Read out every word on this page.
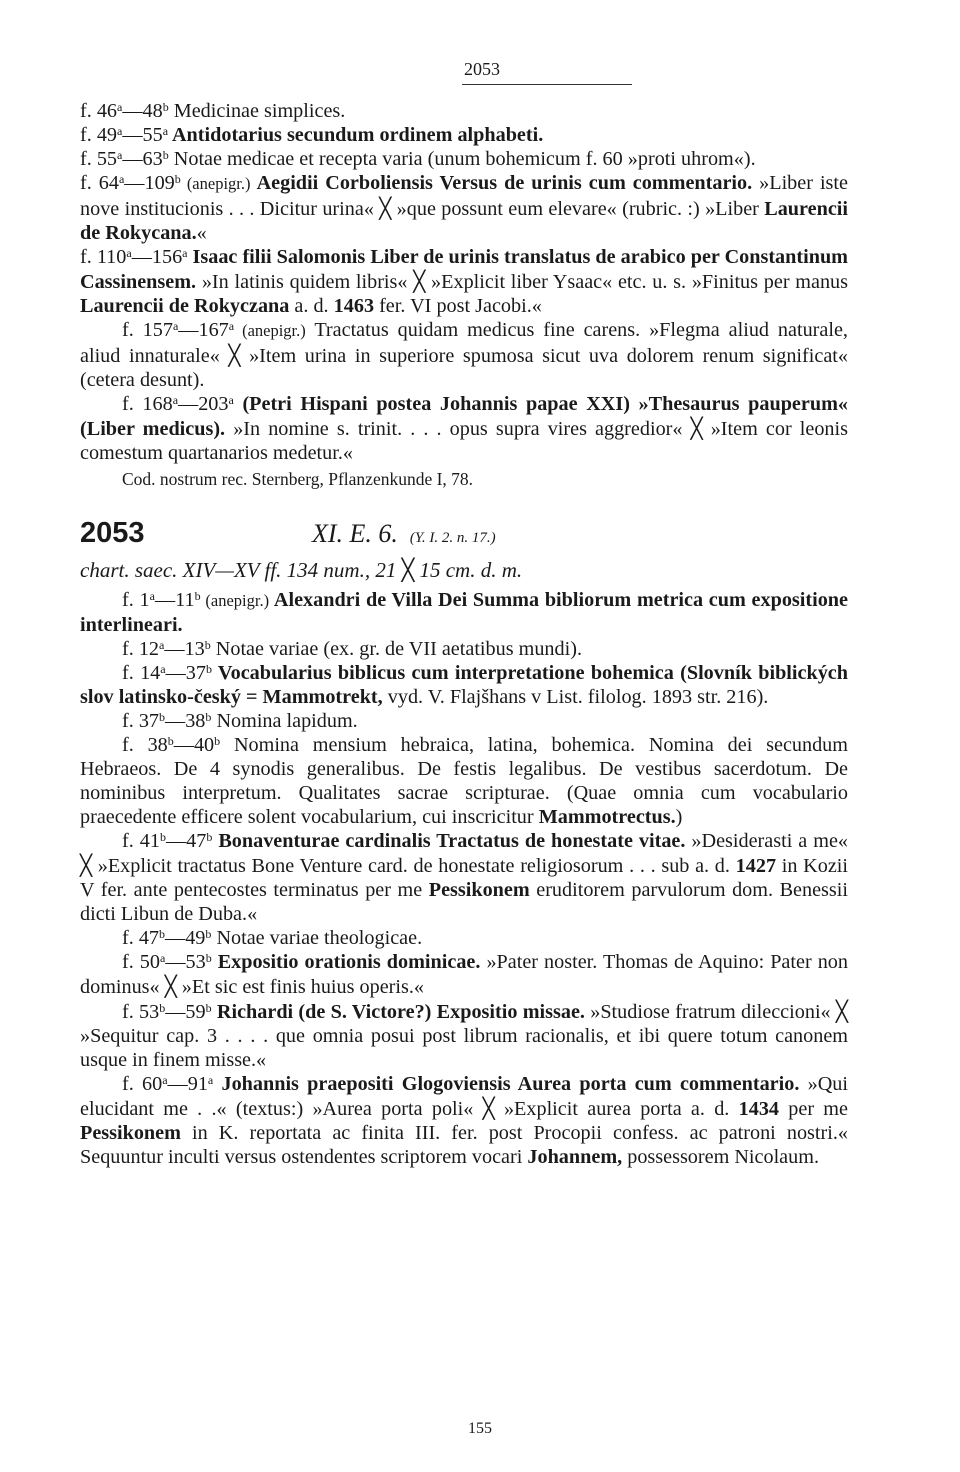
2053

f. 46$^a$—48$^b$ Medicinae simplices.

f. 49$^a$—55$^a$ Antidotarius secundum ordinem alphabeti.

f. 55$^a$—63$^b$ Notae medicae et recepta varia (unum bohemicum f. 60 »proti uhrom«).

f. 64$^a$—109$^b$ (anepigr.) Aegidii Corboliensis Versus de urinis cum commentario. »Liber iste nove institucionis . . . Dicitur urina« ╳ »que possunt eum elevare« (rubric. :) »Liber Laurencii de Rokycana.«

f. 110$^a$—156$^a$ Isaac filii Salomonis Liber de urinis translatus de arabico per Constantinum Cassinensem. »In latinis quidem libris« ╳ »Explicit liber Ysaac« etc. u. s. »Finitus per manus Laurencii de Rokyczana a. d. 1463 fer. VI post Jacobi.«

f. 157$^a$—167$^a$ (anepigr.) Tractatus quidam medicus fine carens. »Flegma aliud naturale, aliud innaturale« ╳ »Item urina in superiore spumosa sicut uva dolorem renum significat« (cetera desunt).

f. 168$^a$—203$^a$ (Petri Hispani postea Johannis papae XXI) »Thesaurus pauperum« (Liber medicus). »In nomine s. trinit. . . . opus supra vires aggredior« ╳ »Item cor leonis comestum quartanarios medetur.«

Cod. nostrum rec. Sternberg, Pflanzenkunde I, 78.
2053	XI. E. 6. (Y. I. 2. n. 17.)
chart. saec. XIV—XV ff. 134 num., 21 ╳ 15 cm. d. m.

f. 1$^a$—11$^b$ (anepigr.) Alexandri de Villa Dei Summa bibliorum metrica cum expositione interlineari.

f. 12$^a$—13$^b$ Notae variae (ex. gr. de VII aetatibus mundi).

f. 14$^a$—37$^b$ Vocabularius biblicus cum interpretatione bohemica (Slovník biblických slov latinsko-český = Mammotrekt, vyd. V. Flajšhans v List. filolog. 1893 str. 216).

f. 37$^b$—38$^b$ Nomina lapidum.

f. 38$^b$—40$^b$ Nomina mensium hebraica, latina, bohemica. Nomina dei secundum Hebraeos. De 4 synodis generalibus. De festis legalibus. De vestibus sacerdotum. De nominibus interpretum. Qualitates sacrae scripturae. (Quae omnia cum vocabulario praecedente efficere solent vocabularium, cui inscricitur Mammotrectus.)

f. 41$^b$—47$^b$ Bonaventurae cardinalis Tractatus de honestate vitae. »Desiderasti a me« ╳ »Explicit tractatus Bone Venture card. de honestate religiosorum . . . sub a. d. 1427 in Kozii V fer. ante pentecostes terminatus per me Pessikonem eruditorem parvulorum dom. Benessii dicti Libun de Duba.«

f. 47$^b$—49$^b$ Notae variae theologicae.

f. 50$^a$—53$^b$ Expositio orationis dominicae. »Pater noster. Thomas de Aquino: Pater non dominus« ╳ »Et sic est finis huius operis.«

f. 53$^b$—59$^b$ Richardi (de S. Victore?) Expositio missae. »Studiose fratrum dileccioni« ╳ »Sequitur cap. 3 . . . . que omnia posui post librum racionalis, et ibi quere totum canonem usque in finem misse.«

f. 60$^a$—91$^a$ Johannis praepositi Glogoviensis Aurea porta cum commentario. »Qui elucidant me . .« (textus:) »Aurea porta poli« ╳ »Explicit aurea porta a. d. 1434 per me Pessikonem in K. reportata ac finita III. fer. post Procopii confess. ac patroni nostri.« Sequuntur inculti versus ostendentes scriptorem vocari Johannem, possessorem Nicolaum.

155
